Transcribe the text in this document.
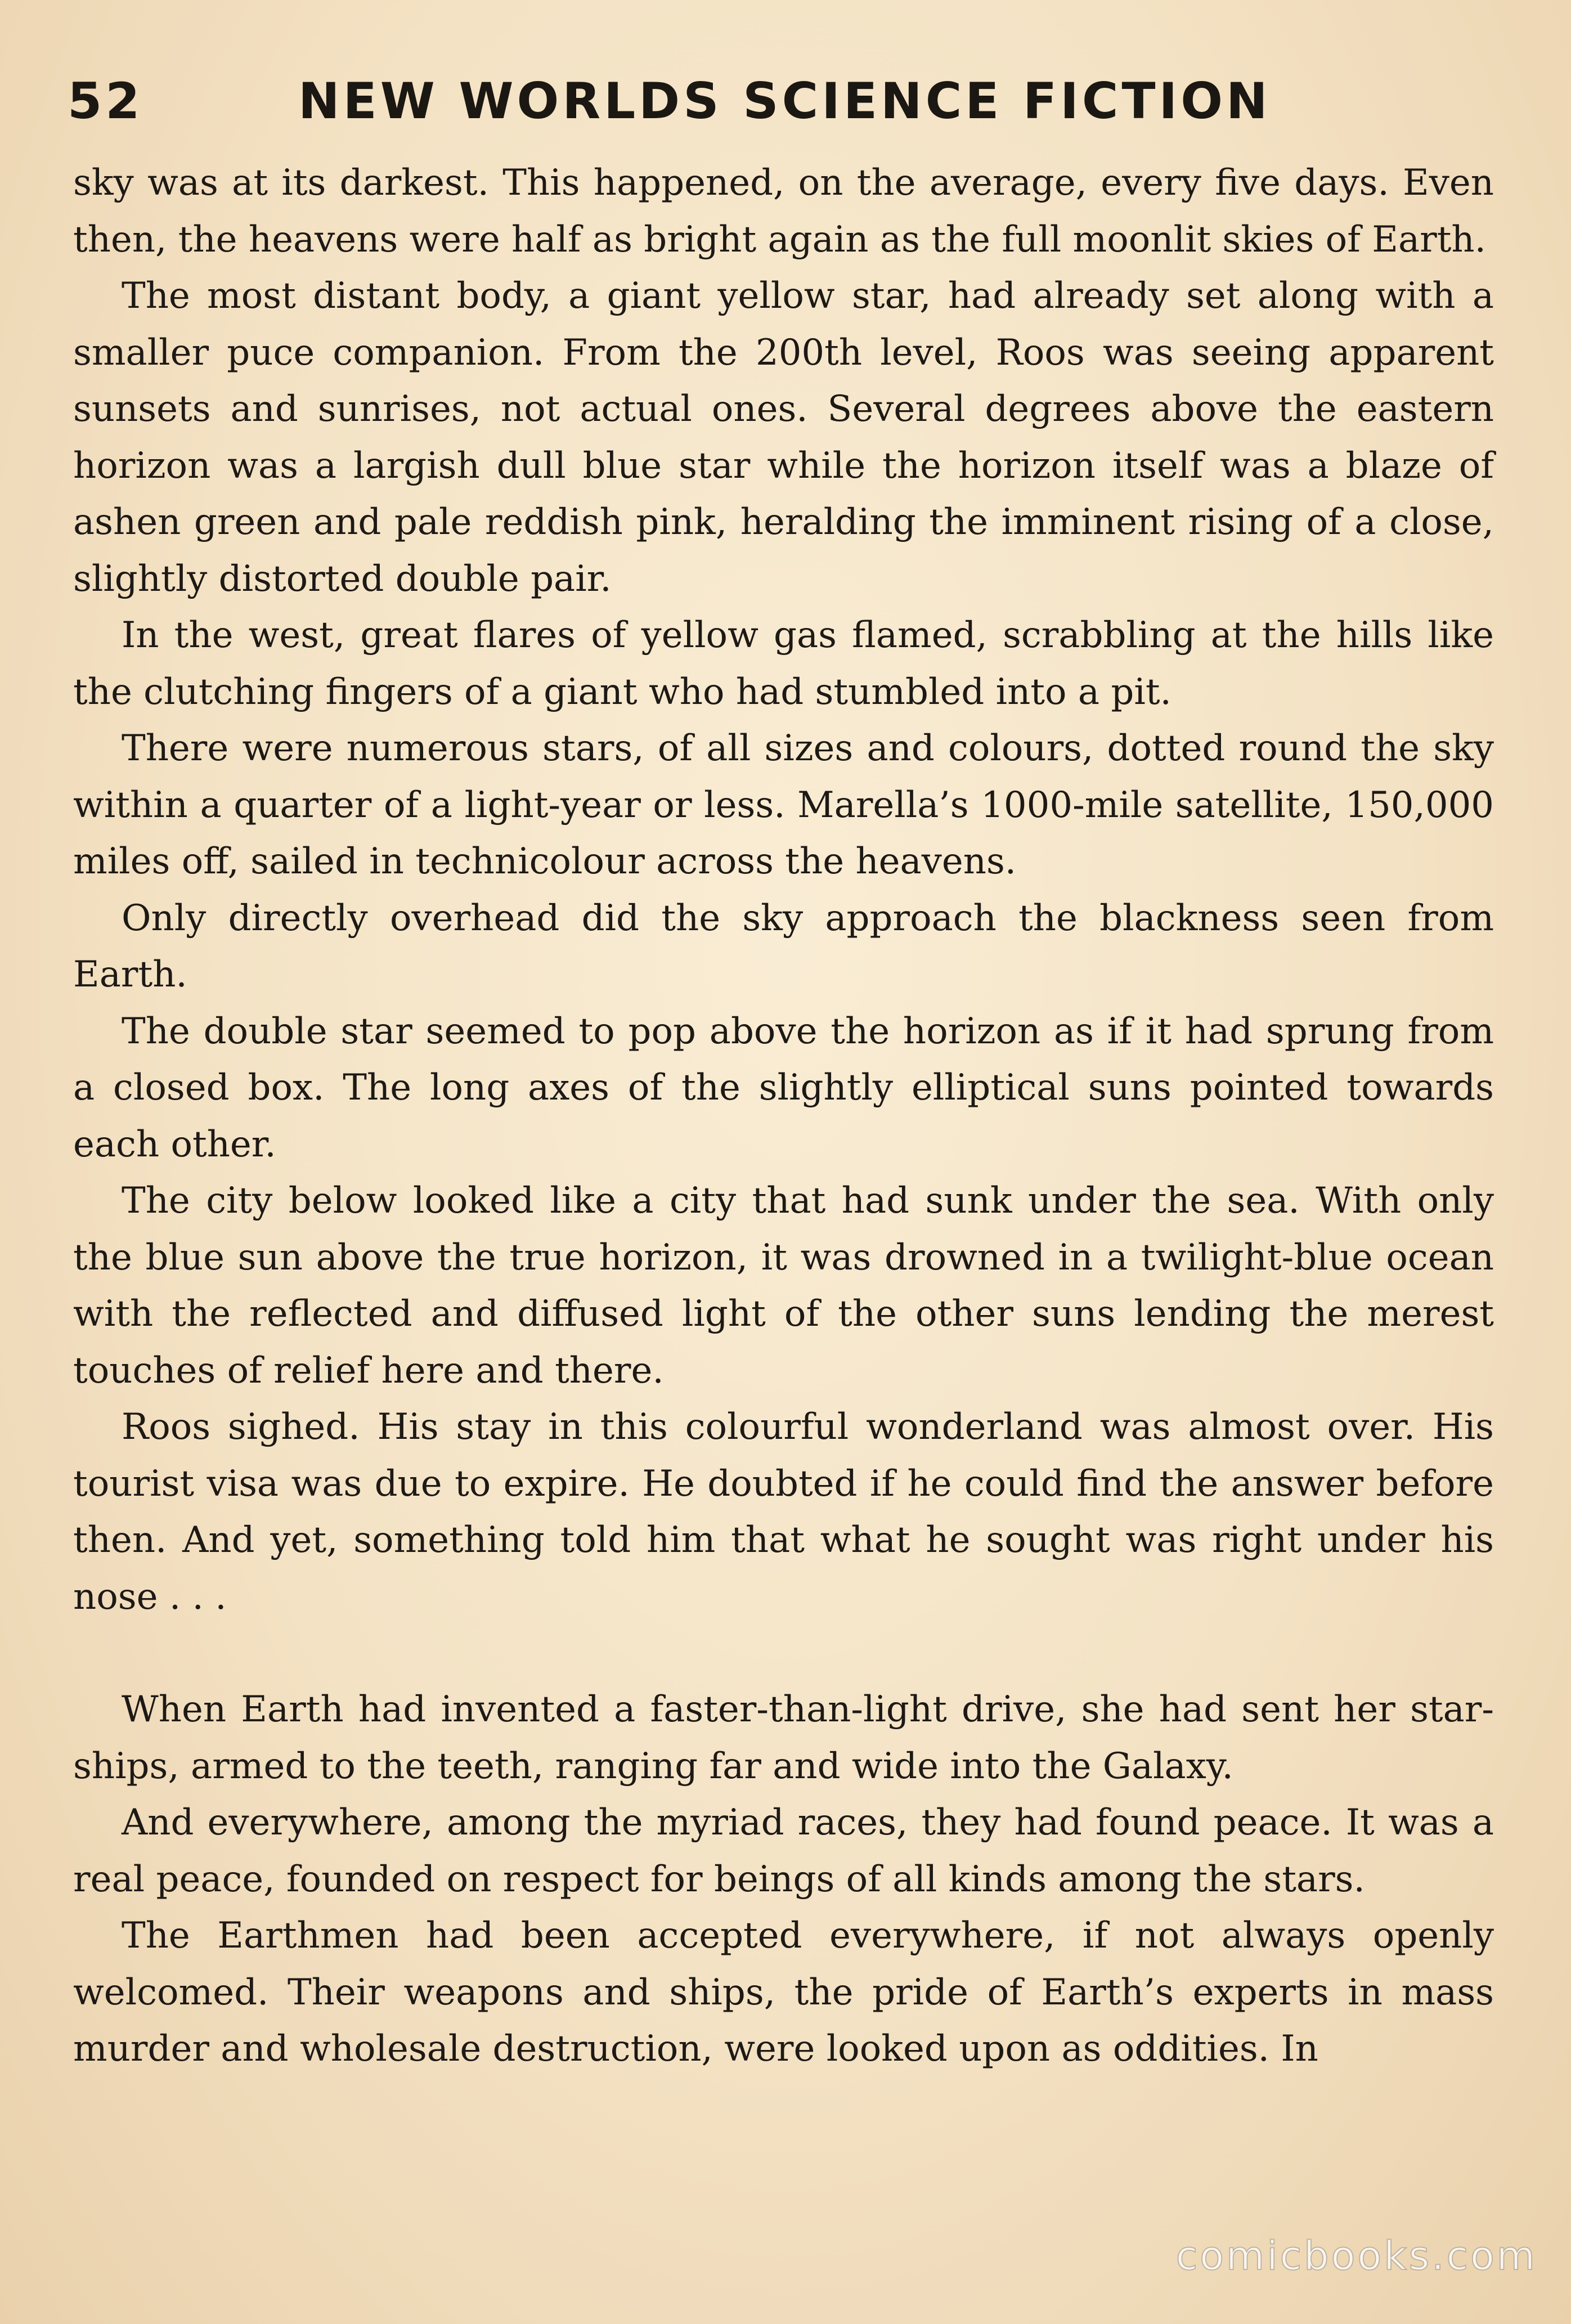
52	NEW WORLDS SCIENCE FICTION

sky was at its darkest. This happened, on the average, every five days. Even then, the heavens were half as bright again as the full moonlit skies of Earth.

The most distant body, a giant yellow star, had already set along with a smaller puce companion. From the 200th level, Roos was seeing apparent sunsets and sunrises, not actual ones. Several degrees above the eastern horizon was a largish dull blue star while the horizon itself was a blaze of ashen green and pale reddish pink, heralding the imminent rising of a close, slightly distorted double pair.

In the west, great flares of yellow gas flamed, scrabbling at the hills like the clutching fingers of a giant who had stumbled into a pit.

There were numerous stars, of all sizes and colours, dotted round the sky within a quarter of a light-year or less. Marella’s 1000-mile satellite, 150,000 miles off, sailed in technicolour across the heavens.

Only directly overhead did the sky approach the blackness seen from Earth.

The double star seemed to pop above the horizon as if it had sprung from a closed box. The long axes of the slightly elliptical suns pointed towards each other.

The city below looked like a city that had sunk under the sea. With only the blue sun above the true horizon, it was drowned in a twilight-blue ocean with the reflected and diffused light of the other suns lending the merest touches of relief here and there.

Roos sighed. His stay in this colourful wonderland was almost over. His tourist visa was due to expire. He doubted if he could find the answer before then. And yet, something told him that what he sought was right under his nose . . .

When Earth had invented a faster-than-light drive, she had sent her star-ships, armed to the teeth, ranging far and wide into the Galaxy.

And everywhere, among the myriad races, they had found peace. It was a real peace, founded on respect for beings of all kinds among the stars.

The Earthmen had been accepted everywhere, if not always openly welcomed. Their weapons and ships, the pride of Earth’s experts in mass murder and wholesale destruction, were looked upon as oddities. In

comicbooks.com
